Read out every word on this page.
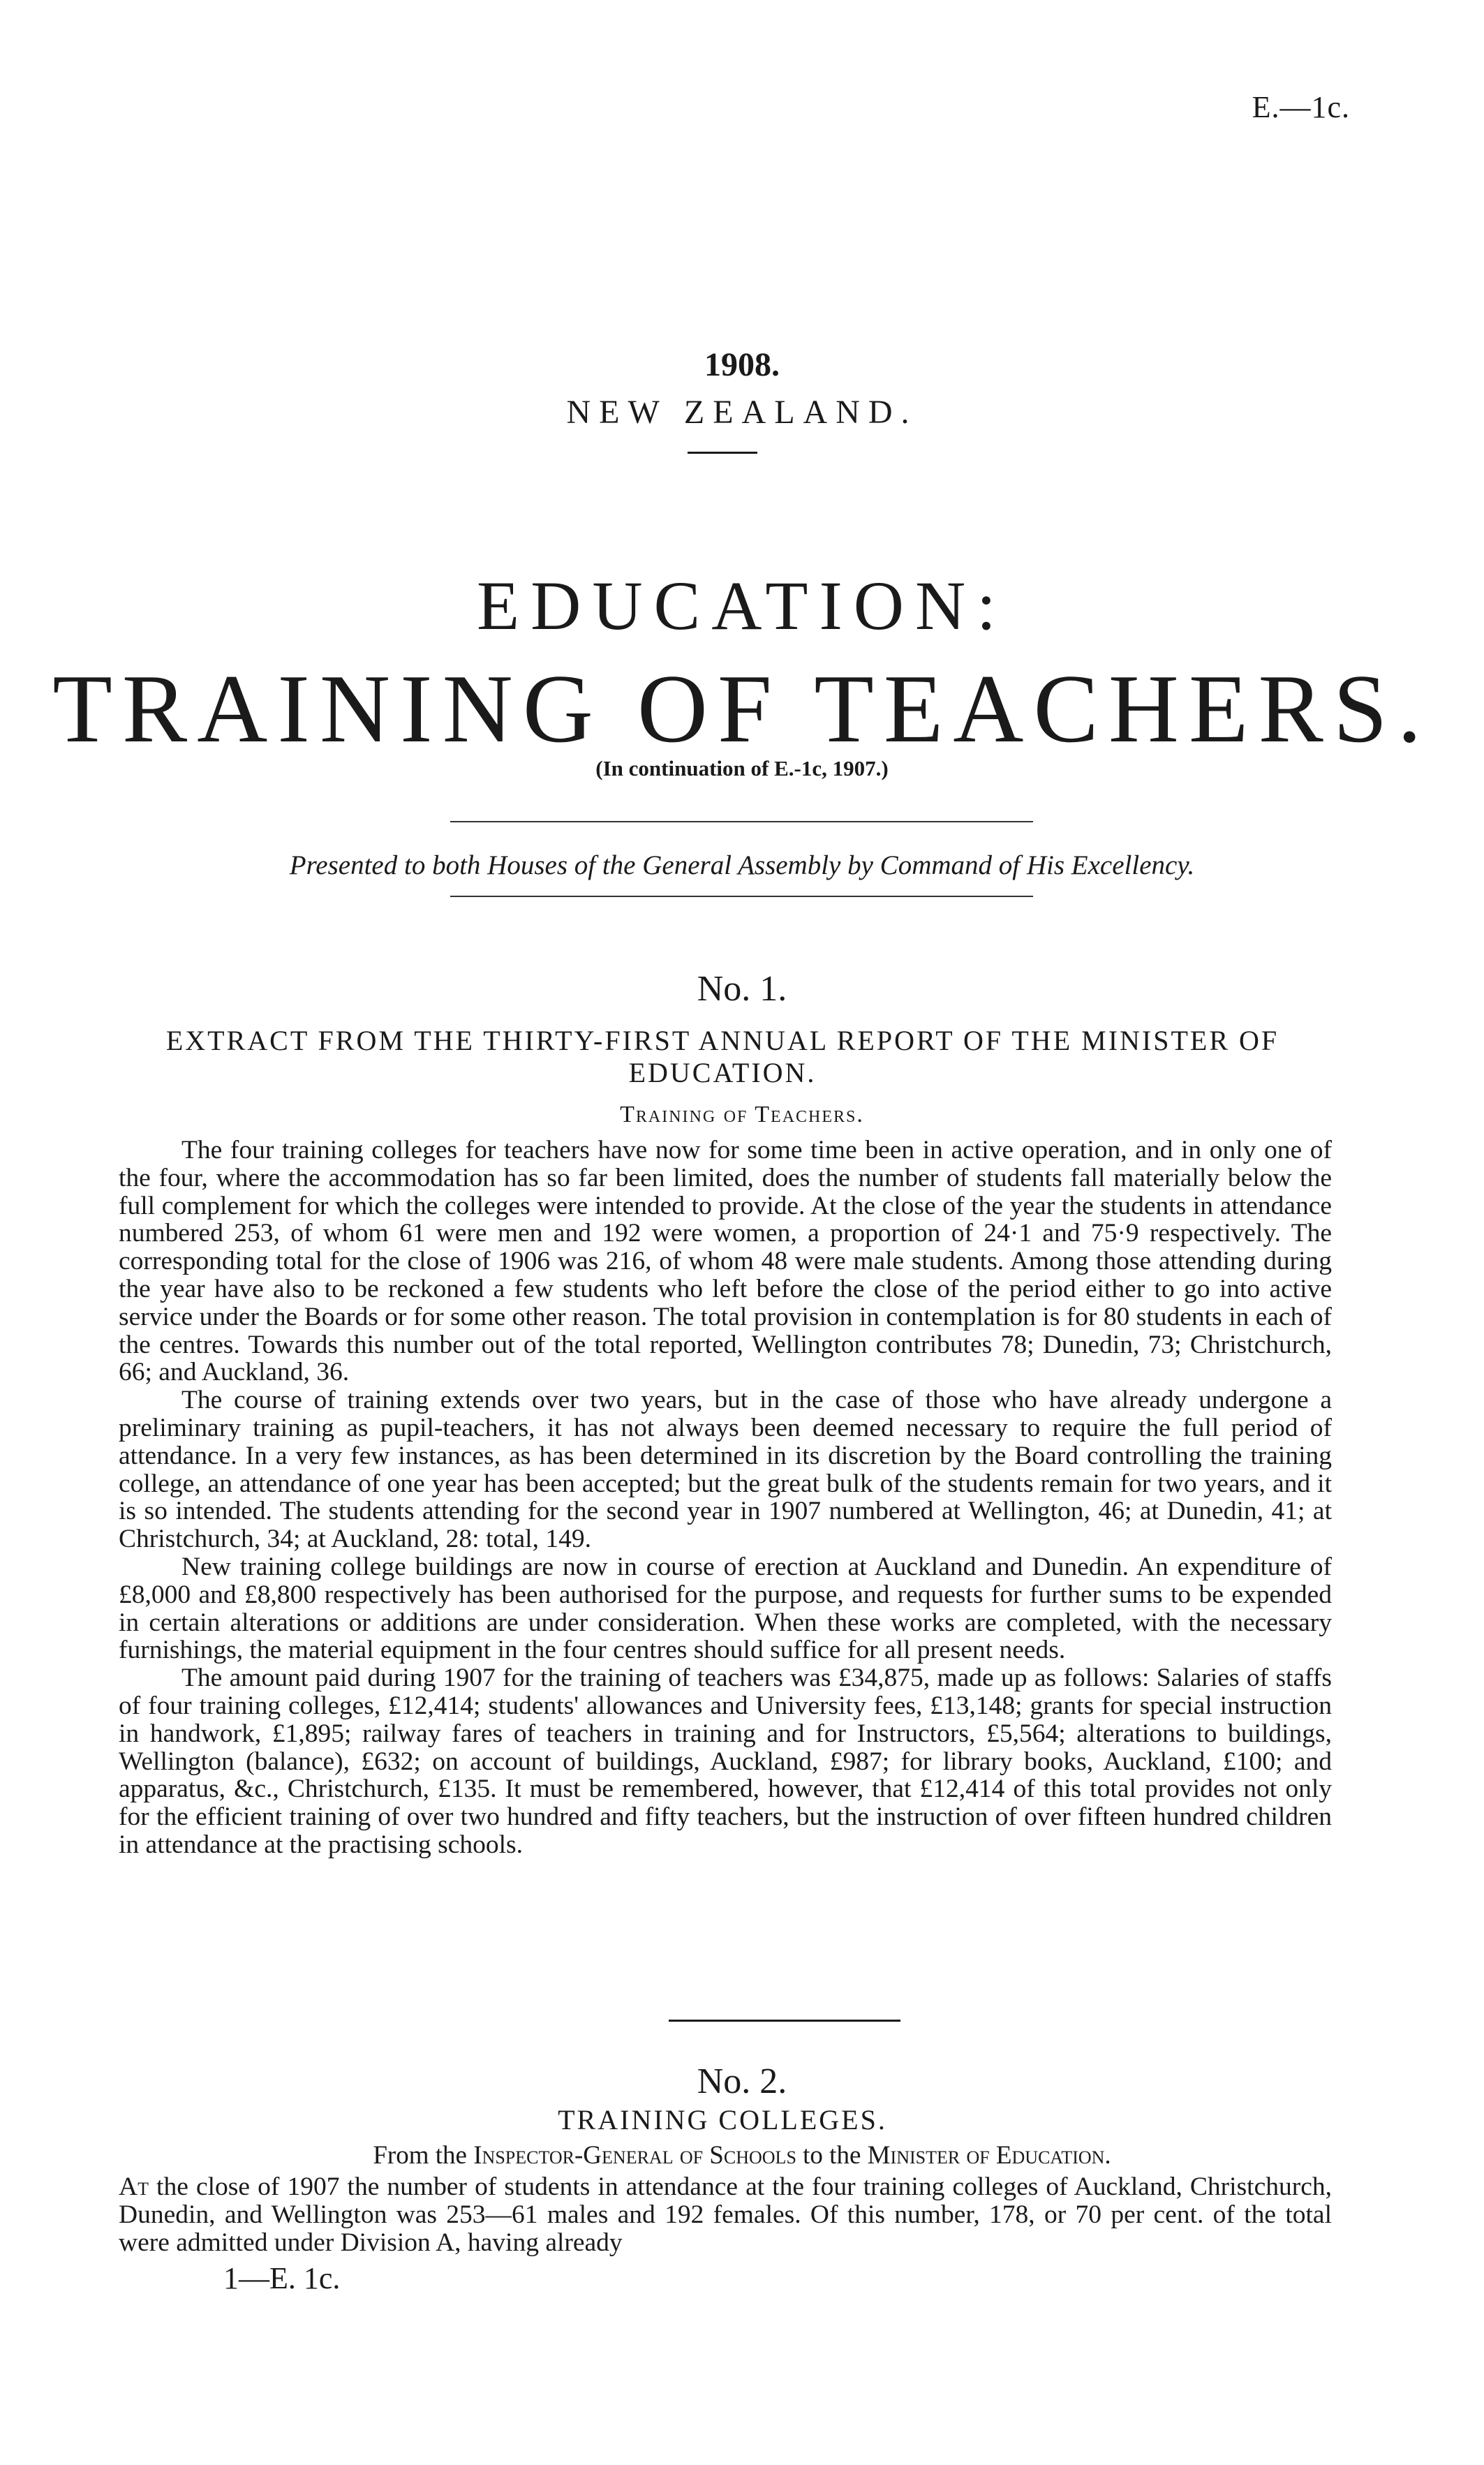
E.—1c.
1908.
NEW ZEALAND.
EDUCATION:
TRAINING OF TEACHERS.
(In continuation of E.-1c, 1907.)
Presented to both Houses of the General Assembly by Command of His Excellency.
No. 1.
EXTRACT FROM THE THIRTY-FIRST ANNUAL REPORT OF THE MINISTER OF EDUCATION.
Training of Teachers.

The four training colleges for teachers have now for some time been in active operation, and in only one of the four, where the accommodation has so far been limited, does the number of students fall materially below the full complement for which the colleges were intended to provide. At the close of the year the students in attendance numbered 253, of whom 61 were men and 192 were women, a proportion of 24·1 and 75·9 respectively. The corresponding total for the close of 1906 was 216, of whom 48 were male students. Among those attending during the year have also to be reckoned a few students who left before the close of the period either to go into active service under the Boards or for some other reason. The total provision in contemplation is for 80 students in each of the centres. Towards this number out of the total reported, Wellington contributes 78; Dunedin, 73; Christchurch, 66; and Auckland, 36.

The course of training extends over two years, but in the case of those who have already undergone a preliminary training as pupil-teachers, it has not always been deemed necessary to require the full period of attendance. In a very few instances, as has been determined in its discretion by the Board controlling the training college, an attendance of one year has been accepted; but the great bulk of the students remain for two years, and it is so intended. The students attending for the second year in 1907 numbered at Wellington, 46; at Dunedin, 41; at Christchurch, 34; at Auckland, 28: total, 149.

New training college buildings are now in course of erection at Auckland and Dunedin. An expenditure of £8,000 and £8,800 respectively has been authorised for the purpose, and requests for further sums to be expended in certain alterations or additions are under consideration. When these works are completed, with the necessary furnishings, the material equipment in the four centres should suffice for all present needs.

The amount paid during 1907 for the training of teachers was £34,875, made up as follows: Salaries of staffs of four training colleges, £12,414; students' allowances and University fees, £13,148; grants for special instruction in handwork, £1,895; railway fares of teachers in training and for Instructors, £5,564; alterations to buildings, Wellington (balance), £632; on account of buildings, Auckland, £987; for library books, Auckland, £100; and apparatus, &c., Christchurch, £135. It must be remembered, however, that £12,414 of this total provides not only for the efficient training of over two hundred and fifty teachers, but the instruction of over fifteen hundred children in attendance at the practising schools.

No. 2.
TRAINING COLLEGES.
From the Inspector-General of Schools to the Minister of Education.

At the close of 1907 the number of students in attendance at the four training colleges of Auckland, Christchurch, Dunedin, and Wellington was 253—61 males and 192 females. Of this number, 178, or 70 per cent. of the total were admitted under Division A, having already

1—E. 1c.
